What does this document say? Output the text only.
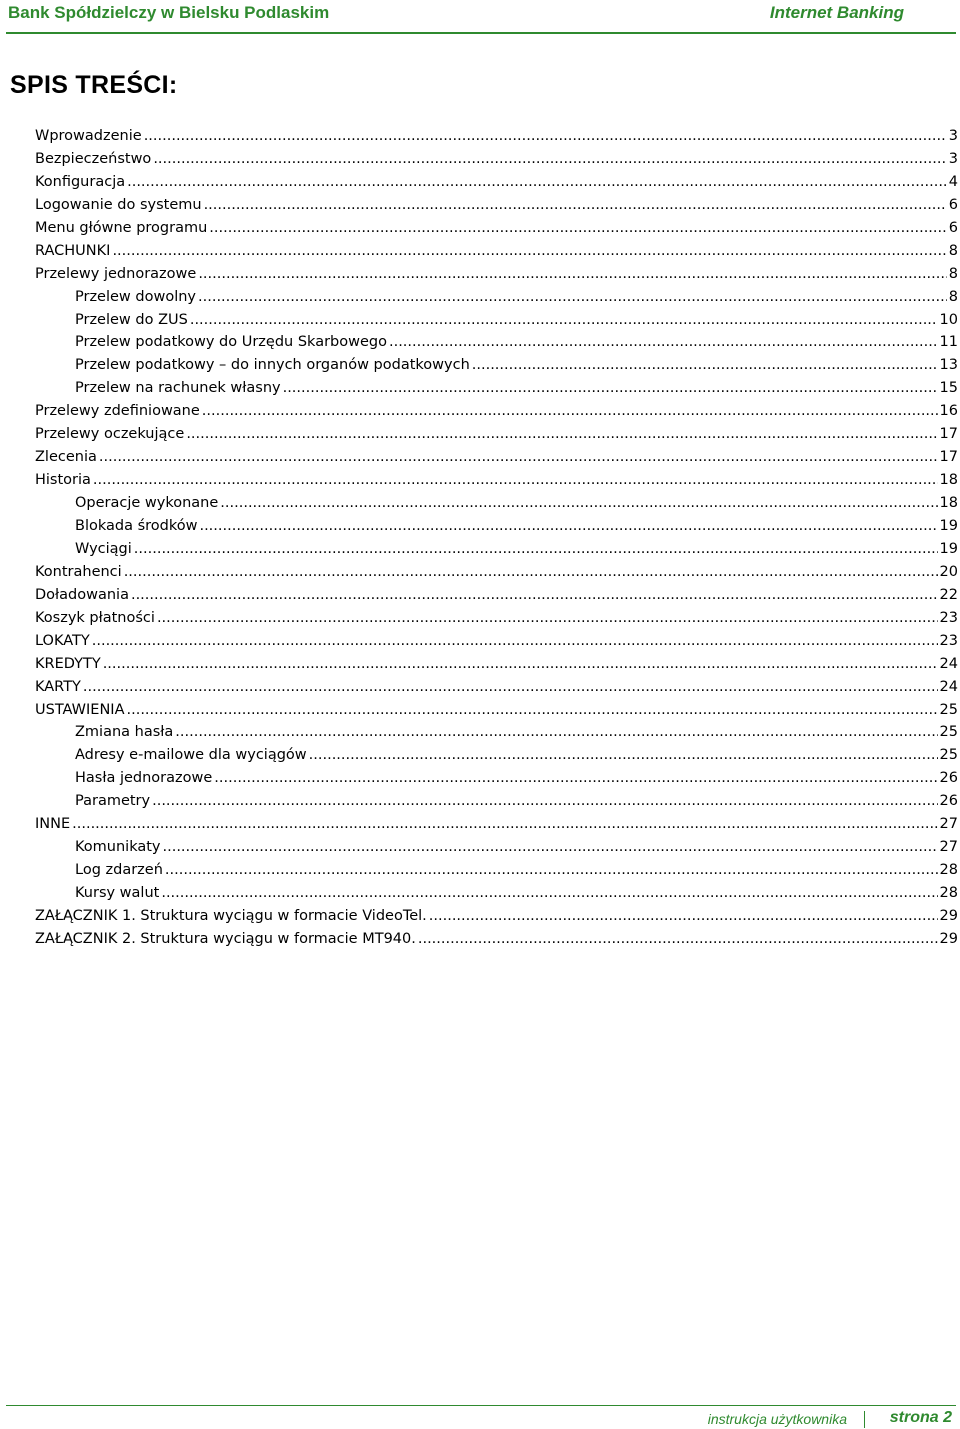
Bank Spółdzielczy w Bielsku Podlaskim	Internet Banking
SPIS TREŚCI:
Wprowadzenie .....	3
Bezpieczeństwo .....	3
Konfiguracja .....	4
Logowanie do systemu .....	6
Menu główne programu .....	6
RACHUNKI .....	8
Przelewy jednorazowe .....	8
Przelew dowolny .....	8
Przelew do ZUS .....	10
Przelew podatkowy do Urzędu Skarbowego .....	11
Przelew podatkowy – do innych organów podatkowych .....	13
Przelew na rachunek własny .....	15
Przelewy zdefiniowane .....	16
Przelewy oczekujące .....	17
Zlecenia .....	17
Historia .....	18
Operacje wykonane .....	18
Blokada środków .....	19
Wyciągi .....	19
Kontrahenci .....	20
Doładowania .....	22
Koszyk płatności .....	23
LOKATY .....	23
KREDYTY .....	24
KARTY .....	24
USTAWIENIA .....	25
Zmiana hasła .....	25
Adresy e-mailowe dla wyciągów .....	25
Hasła jednorazowe .....	26
Parametry .....	26
INNE .....	27
Komunikaty .....	27
Log zdarzeń .....	28
Kursy walut .....	28
ZAŁĄCZNIK 1. Struktura wyciągu w formacie VideoTel. .....	29
ZAŁĄCZNIK 2. Struktura wyciągu w formacie MT940. .....	29
instrukcja użytkownika	strona 2
